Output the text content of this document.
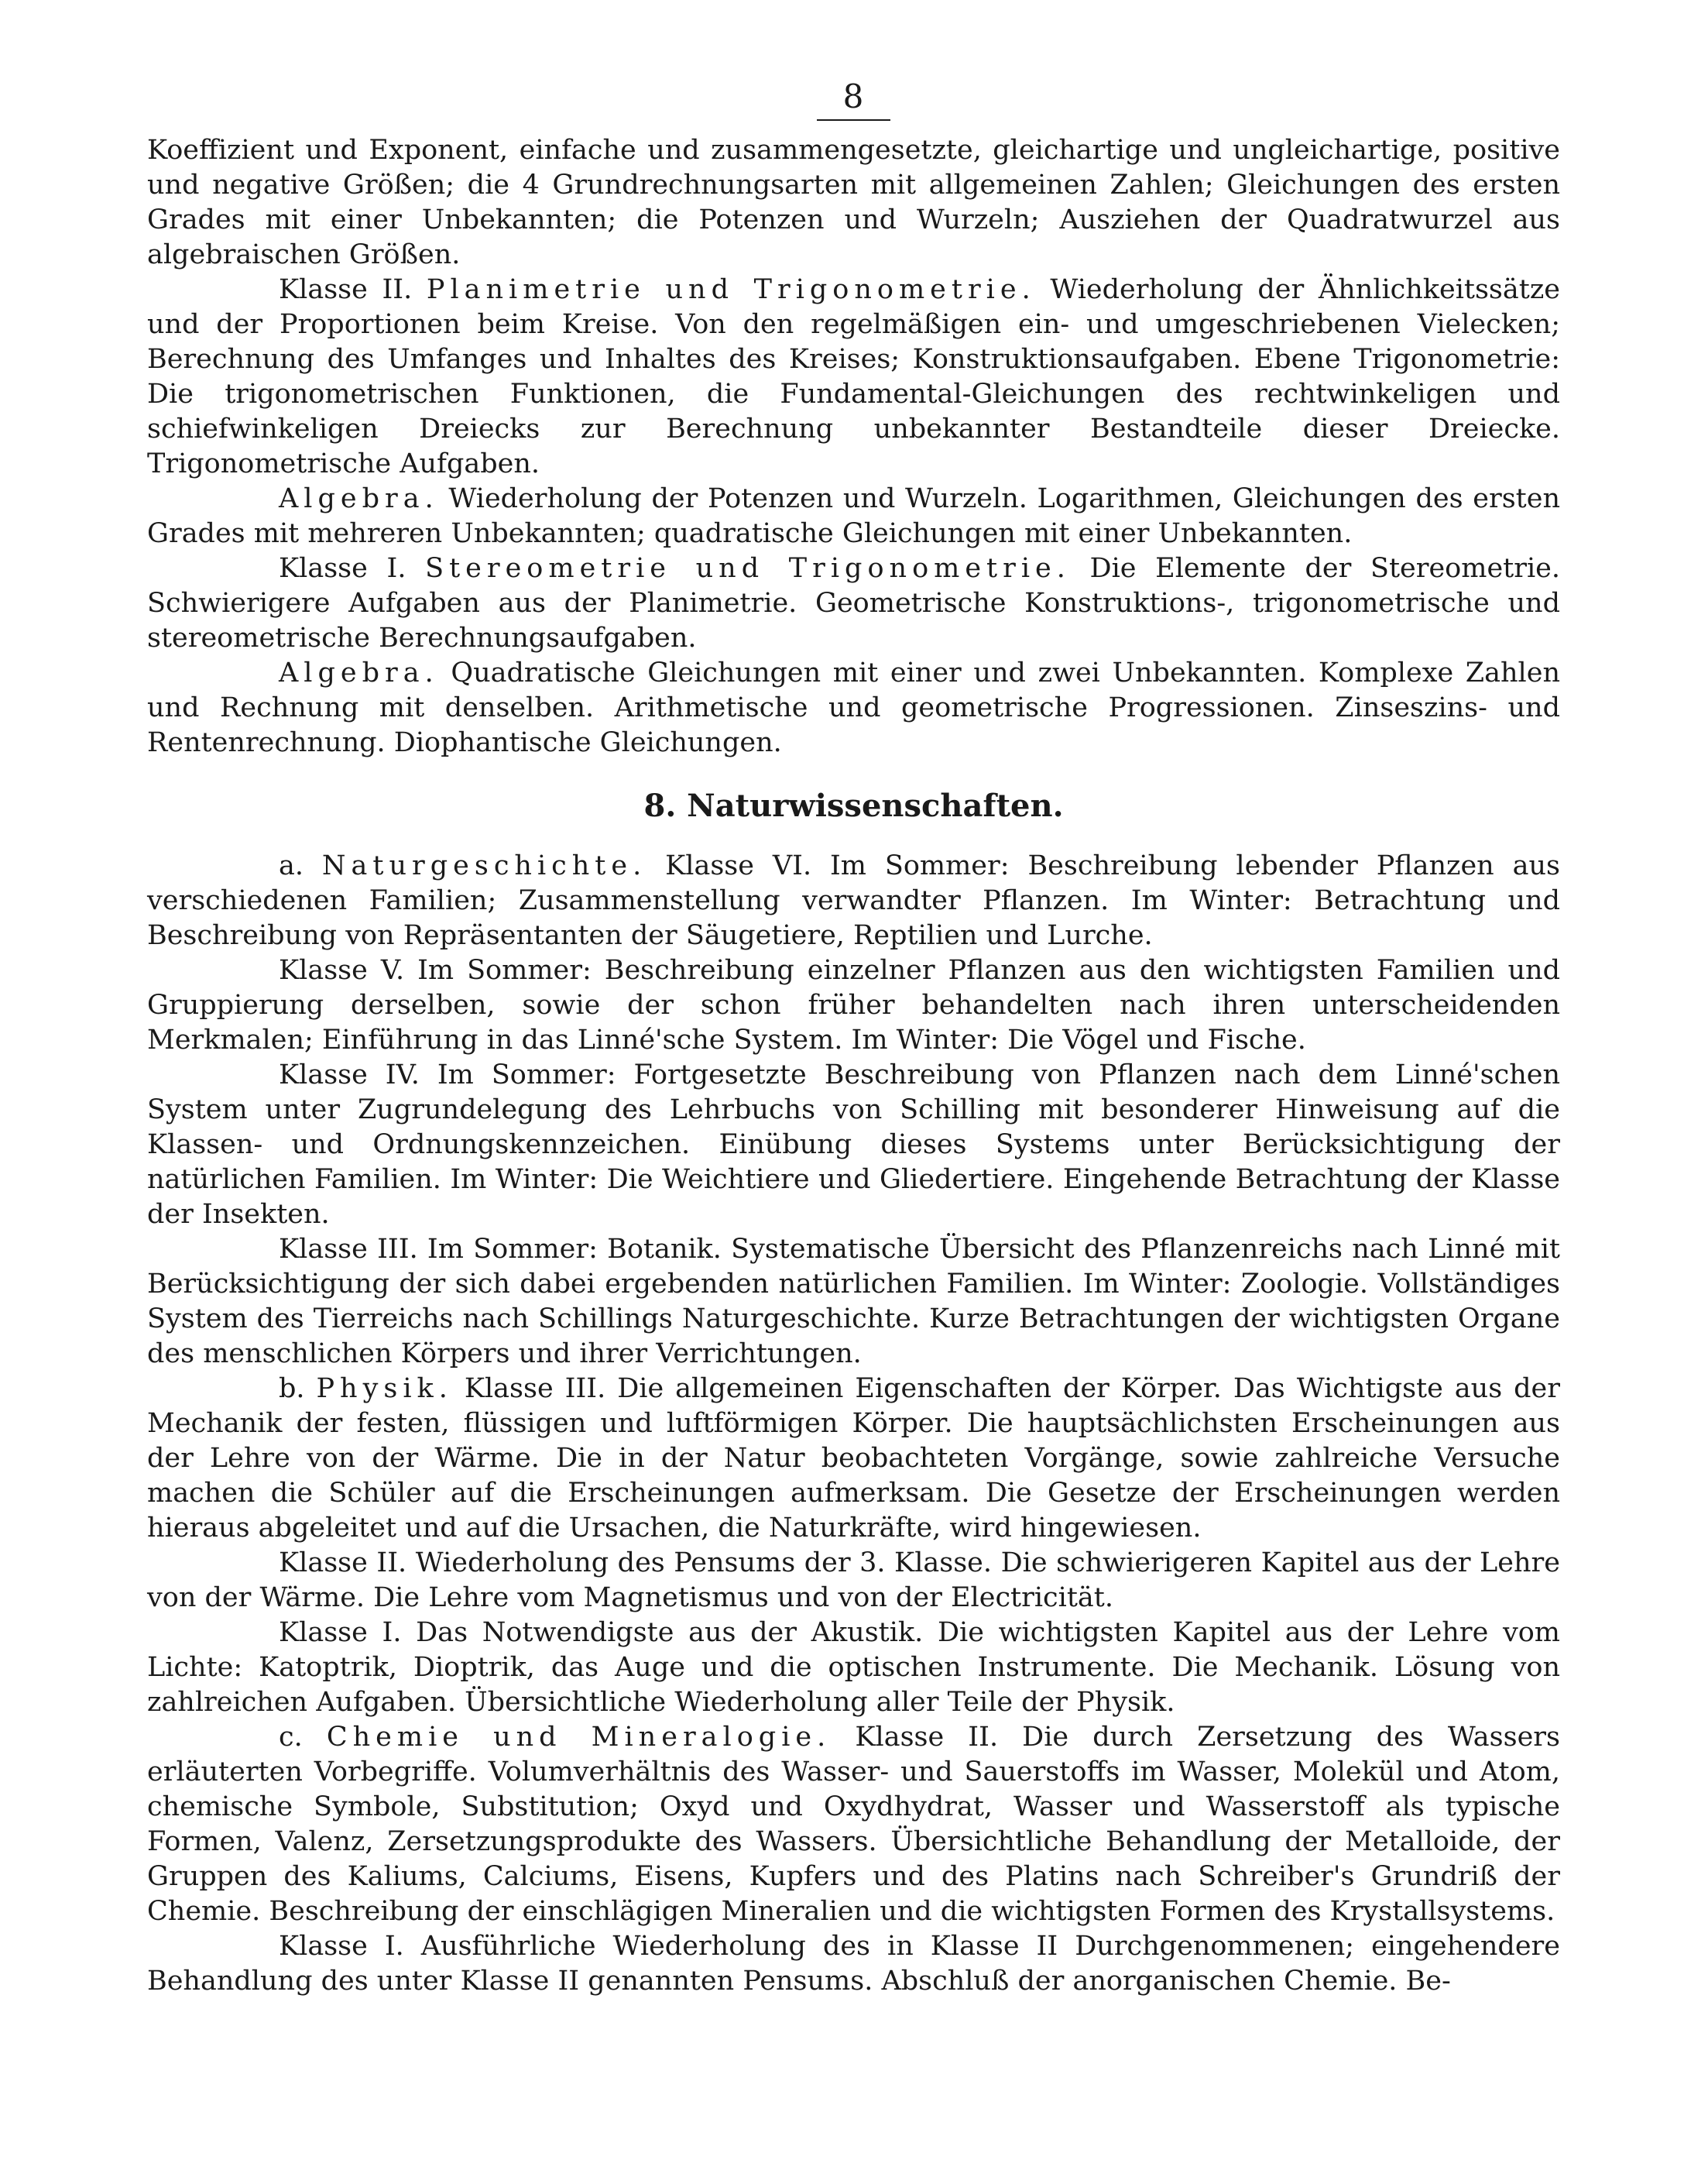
8

Koeffizient und Exponent, einfache und zusammengesetzte, gleichartige und ungleichartige, positive und negative Größen; die 4 Grundrechnungsarten mit allgemeinen Zahlen; Gleichungen des ersten Grades mit einer Unbekannten; die Potenzen und Wurzeln; Ausziehen der Quadratwurzel aus algebraischen Größen.

Klasse II. Planimetrie und Trigonometrie. Wiederholung der Ähnlichkeitssätze und der Proportionen beim Kreise. Von den regelmäßigen ein- und umgeschriebenen Vielecken; Berechnung des Umfanges und Inhaltes des Kreises; Konstruktionsaufgaben. Ebene Trigonometrie: Die trigonometrischen Funktionen, die Fundamental-Gleichungen des rechtwinkeligen und schiefwinkeligen Dreiecks zur Berechnung unbekannter Bestandteile dieser Dreiecke. Trigonometrische Aufgaben.

Algebra. Wiederholung der Potenzen und Wurzeln. Logarithmen, Gleichungen des ersten Grades mit mehreren Unbekannten; quadratische Gleichungen mit einer Unbekannten.

Klasse I. Stereometrie und Trigonometrie. Die Elemente der Stereometrie. Schwierigere Aufgaben aus der Planimetrie. Geometrische Konstruktions-, trigonometrische und stereometrische Berechnungsaufgaben.

Algebra. Quadratische Gleichungen mit einer und zwei Unbekannten. Komplexe Zahlen und Rechnung mit denselben. Arithmetische und geometrische Progressionen. Zinseszins- und Rentenrechnung. Diophantische Gleichungen.

8. Naturwissenschaften.

a. Naturgeschichte. Klasse VI. Im Sommer: Beschreibung lebender Pflanzen aus verschiedenen Familien; Zusammenstellung verwandter Pflanzen. Im Winter: Betrachtung und Beschreibung von Repräsentanten der Säugetiere, Reptilien und Lurche.

Klasse V. Im Sommer: Beschreibung einzelner Pflanzen aus den wichtigsten Familien und Gruppierung derselben, sowie der schon früher behandelten nach ihren unterscheidenden Merkmalen; Einführung in das Linné'sche System. Im Winter: Die Vögel und Fische.

Klasse IV. Im Sommer: Fortgesetzte Beschreibung von Pflanzen nach dem Linné'schen System unter Zugrundelegung des Lehrbuchs von Schilling mit besonderer Hinweisung auf die Klassen- und Ordnungskennzeichen. Einübung dieses Systems unter Berücksichtigung der natürlichen Familien. Im Winter: Die Weichtiere und Gliedertiere. Eingehende Betrachtung der Klasse der Insekten.

Klasse III. Im Sommer: Botanik. Systematische Übersicht des Pflanzenreichs nach Linné mit Berücksichtigung der sich dabei ergebenden natürlichen Familien. Im Winter: Zoologie. Vollständiges System des Tierreichs nach Schillings Naturgeschichte. Kurze Betrachtungen der wichtigsten Organe des menschlichen Körpers und ihrer Verrichtungen.

b. Physik. Klasse III. Die allgemeinen Eigenschaften der Körper. Das Wichtigste aus der Mechanik der festen, flüssigen und luftförmigen Körper. Die hauptsächlichsten Erscheinungen aus der Lehre von der Wärme. Die in der Natur beobachteten Vorgänge, sowie zahlreiche Versuche machen die Schüler auf die Erscheinungen aufmerksam. Die Gesetze der Erscheinungen werden hieraus abgeleitet und auf die Ursachen, die Naturkräfte, wird hingewiesen.

Klasse II. Wiederholung des Pensums der 3. Klasse. Die schwierigeren Kapitel aus der Lehre von der Wärme. Die Lehre vom Magnetismus und von der Electricität.

Klasse I. Das Notwendigste aus der Akustik. Die wichtigsten Kapitel aus der Lehre vom Lichte: Katoptrik, Dioptrik, das Auge und die optischen Instrumente. Die Mechanik. Lösung von zahlreichen Aufgaben. Übersichtliche Wiederholung aller Teile der Physik.

c. Chemie und Mineralogie. Klasse II. Die durch Zersetzung des Wassers erläuterten Vorbegriffe. Volumverhältnis des Wasser- und Sauerstoffs im Wasser, Molekül und Atom, chemische Symbole, Substitution; Oxyd und Oxydhydrat, Wasser und Wasserstoff als typische Formen, Valenz, Zersetzungsprodukte des Wassers. Übersichtliche Behandlung der Metalloide, der Gruppen des Kaliums, Calciums, Eisens, Kupfers und des Platins nach Schreiber's Grundriß der Chemie. Beschreibung der einschlägigen Mineralien und die wichtigsten Formen des Krystallsystems.

Klasse I. Ausführliche Wiederholung des in Klasse II Durchgenommenen; eingehendere Behandlung des unter Klasse II genannten Pensums. Abschluß der anorganischen Chemie. Be-
